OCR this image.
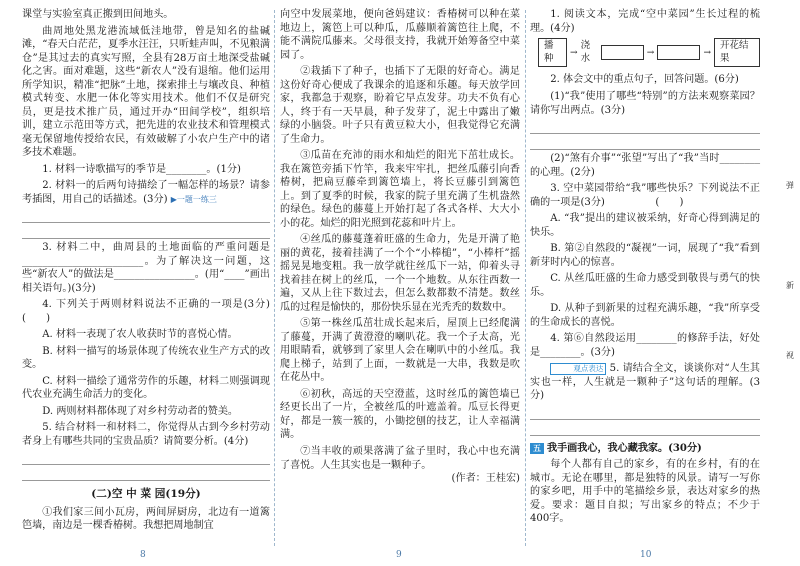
课堂与实验室真正搬到田间地头。

曲周地处黑龙港流域低洼地带，曾是知名的盐碱滩，“春天白茫茫，夏季水汪汪，只听蛙声叫，不见粮满仓”是其过去的真实写照，全县有28万亩土地深受盐碱化之害。面对难题，这些“新农人”没有退缩。他们运用所学知识，精准“把脉”土地，探索排土与壤改良、种植模式转变、水肥一体化等实用技术。他们不仅是研究员，更是技术推广员，通过开办“田间学校”，组织培训，建立示范田等方式，把先进的农业技术和管理模式毫无保留地传授给农民，有效破解了小农户生产中的诸多技术难题。

1. 材料一诗歌描写的季节是________。(1分)

2. 材料一的后两句诗描绘了一幅怎样的场景？请参考插图，用自己的话描述。(3分) ▶一题一练三

3. 材料二中，曲周县的土地面临的严重问题是________________________。为了解决这一问题，这些“新农人”的做法是________________。(用“____”画出相关语句。)(3分)

4. 下列关于两则材料说法不正确的一项是(3分)　(　　)

A. 材料一表现了农人收获时节的喜悦心情。

B. 材料一描写的场景体现了传统农业生产方式的改变。

C. 材料一描绘了通常劳作的乐趣，材料二则强调现代农业充满生命活力的变化。

D. 两则材料都体现了对乡村劳动者的赞美。

5. 结合材料一和材料二，你觉得从古到今乡村劳动者身上有哪些共同的宝贵品质？请简要分析。(4分)

(二)空 中 菜 园(19分)

①我们家三间小瓦房，两间屏厨房，北边有一道篱笆墙，南边是一棵香椿树。我想把周地制宜

向空中发展菜地，便向爸妈建议：香椿树可以种在菜地边上，篱笆上可以种瓜，瓜藤顺着篱笆往上爬，不能不满院瓜藤来。父母很支持，我就开始筹备空中菜园了。

②栽插下了种子，也插下了无限的好奇心。满足这份好奇心便成了我课余的追逐和乐趣。每天放学回家，我都急于观察，盼着它早点发芽。功夫不负有心人，终于有一天早晨，种子发芽了，泥土中露出了嫩绿的小脑袋。叶子只有黄豆粒大小，但我觉得它充满了生命力。

③瓜苗在充沛的雨水和灿烂的阳光下茁壮成长。我在篱笆旁插下竹竿，我来牢牢扎，把丝瓜藤引向香椿树，把扁豆藤牵到篱笆墙上，将长豆藤引到篱笆上。到了夏季的时候，我家的院子里充满了生机盎然的绿色。绿色的藤蔓上开始打起了各式各样、大大小小的花。灿烂的阳光照到花蕊和叶片上。

④丝瓜的藤蔓蓬着旺盛的生命力，先是开满了艳丽的黄花，接着挂满了一个个“小棒槌”，“小棒杆”摇摇晃晃地变粗。我一放学就往丝瓜下一站，仰着头寻找着挂在树上的丝瓜，一个一个地数。从东往西数一遍，又从上往下数过去，但怎么数都数不清楚。数丝瓜的过程是愉快的，那份快乐显在光秃秃的数数中。

⑤第一株丝瓜茁壮成长起来后，屋顶上已经爬满了藤蔓，开满了黄澄澄的喇叭花。我一个子太高，光用眼睛看，就够到了家里人会在喇叭中的小丝瓜。我爬上梯子，站到了上面，一数就是一大串，我数是吹在花丛中。

⑥初秋，高远的天空澄蓝，这时丝瓜的篱笆墙已经更长出了一片，全被丝瓜的叶遮盖着。瓜豆长得更好，都是一簇一簇的，小锄挖刨的技艺，让人幸福满满。

⑦当丰收的顽果落满了盆子里时，我心中也充满了喜悦。人生其实也是一颗种子。
(作者：王桂宏)

1. 阅读文本，完成“空中菜园”生长过程的梳理。(4分)

播种
→
浇水
→	→
开花结果

2. 体会文中的重点句子，回答问题。(6分)

(1)“我”使用了哪些“特别”的方法来观察菜园？请你写出两点。(3分)

(2)“煞有介事”“张望”写出了“我”当时________的心理。(2分)

3. 空中菜园带给“我”哪些快乐？下列说法不正确的一项是(3分)　　　　　(　　)

A. “我”提出的建议被采纳，好奇心得到满足的快乐。

B. 第②自然段的“凝视”一词，展现了“我”看到新芽时内心的惊喜。

C. 从丝瓜旺盛的生命力感受到敬畏与勇气的快乐。

D. 从种子到新果的过程充满乐趣，“我”所享受的生命成长的喜悦。

4. 第⑥自然段运用________的修辞手法，好处是________。(3分)

观点表达 5. 请结合全文，谈谈你对“人生其实也一样，人生就是一颗种子”这句话的理解。(3分)

五 我手画我心，我心藏我家。(30分)

每个人都有自己的家乡，有的在乡村，有的在城市。无论在哪里，都是独特的风景。请写一写你的家乡吧，用手中的笔描绘乡景，表达对家乡的热爱。要求：题目自拟；写出家乡的特点；不少于400字。

弹
新
视
8	9	10
